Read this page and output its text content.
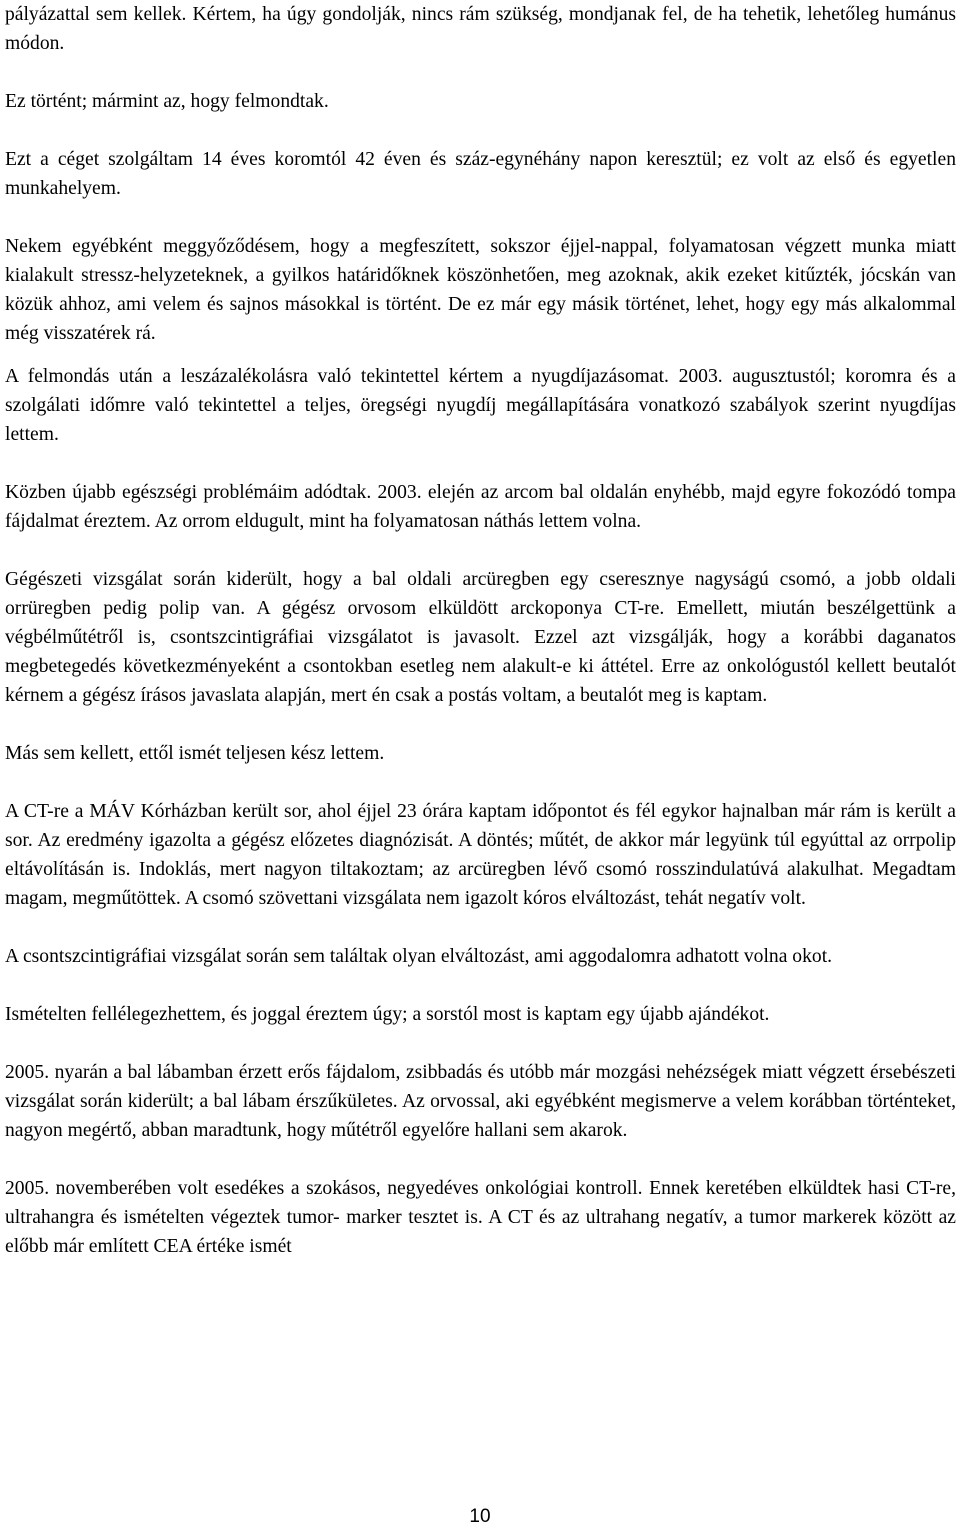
pályázattal sem kellek. Kértem, ha úgy gondolják, nincs rám szükség, mondjanak fel, de ha tehetik, lehetőleg humánus módon.

Ez történt; mármint az, hogy felmondtak.

Ezt a céget szolgáltam 14 éves koromtól 42 éven és száz-egynéhány napon keresztül; ez volt az első és egyetlen munkahelyem.

Nekem egyébként meggyőződésem, hogy a megfeszített, sokszor éjjel-nappal, folyamatosan végzett munka miatt kialakult stressz-helyzeteknek, a gyilkos határidőknek köszönhetően, meg azoknak, akik ezeket kitűzték, jócskán van közük ahhoz, ami velem és sajnos másokkal is történt. De ez már egy másik történet, lehet, hogy egy más alkalommal még visszatérek rá.

A felmondás után a leszázalékolásra való tekintettel kértem a nyugdíjazásomat. 2003. augusztustól; koromra és a szolgálati időmre való tekintettel a teljes, öregségi nyugdíj megállapítására vonatkozó szabályok szerint nyugdíjas lettem.

Közben újabb egészségi problémáim adódtak. 2003. elején az arcom bal oldalán enyhébb, majd egyre fokozódó tompa fájdalmat éreztem. Az orrom eldugult, mint ha folyamatosan náthás lettem volna.

Gégészeti vizsgálat során kiderült, hogy a bal oldali arcüregben egy cseresznye nagyságú csomó, a jobb oldali orrüregben pedig polip van. A gégész orvosom elküldött arckoponya CT-re. Emellett, miután beszélgettünk a végbélműtétről is, csontszcintigráfiai vizsgálatot is javasolt. Ezzel azt vizsgálják, hogy a korábbi daganatos megbetegedés következményeként a csontokban esetleg nem alakult-e ki áttétel. Erre az onkológustól kellett beutalót kérnem a gégész írásos javaslata alapján, mert én csak a postás voltam, a beutalót meg is kaptam.

Más sem kellett, ettől ismét teljesen kész lettem.

A CT-re a MÁV Kórházban került sor, ahol éjjel 23 órára kaptam időpontot és fél egykor hajnalban már rám is került a sor. Az eredmény igazolta a gégész előzetes diagnózisát. A döntés; műtét, de akkor már legyünk túl egyúttal az orrpolip eltávolításán is. Indoklás, mert nagyon tiltakoztam; az arcüregben lévő csomó rosszindulatúvá alakulhat. Megadtam magam, megműtöttek. A csomó szövettani vizsgálata nem igazolt kóros elváltozást, tehát negatív volt.

A csontszcintigráfiai vizsgálat során sem találtak olyan elváltozást, ami aggodalomra adhatott volna okot.

Ismételten fellélegezhettem, és joggal éreztem úgy; a sorstól most is kaptam egy újabb ajándékot.

2005. nyarán a bal lábamban érzett erős fájdalom, zsibbadás és utóbb már mozgási nehézségek miatt végzett érsebészeti vizsgálat során kiderült; a bal lábam érszűkületes. Az orvossal, aki egyébként megismerve a velem korábban történteket, nagyon megértő, abban maradtunk, hogy műtétről egyelőre hallani sem akarok.

2005. novemberében volt esedékes a szokásos, negyedéves onkológiai kontroll. Ennek keretében elküldtek hasi CT-re, ultrahangra és ismételten végeztek tumor- marker tesztet is. A CT és az ultrahang negatív, a tumor markerek között az előbb már említett CEA értéke ismét

10
